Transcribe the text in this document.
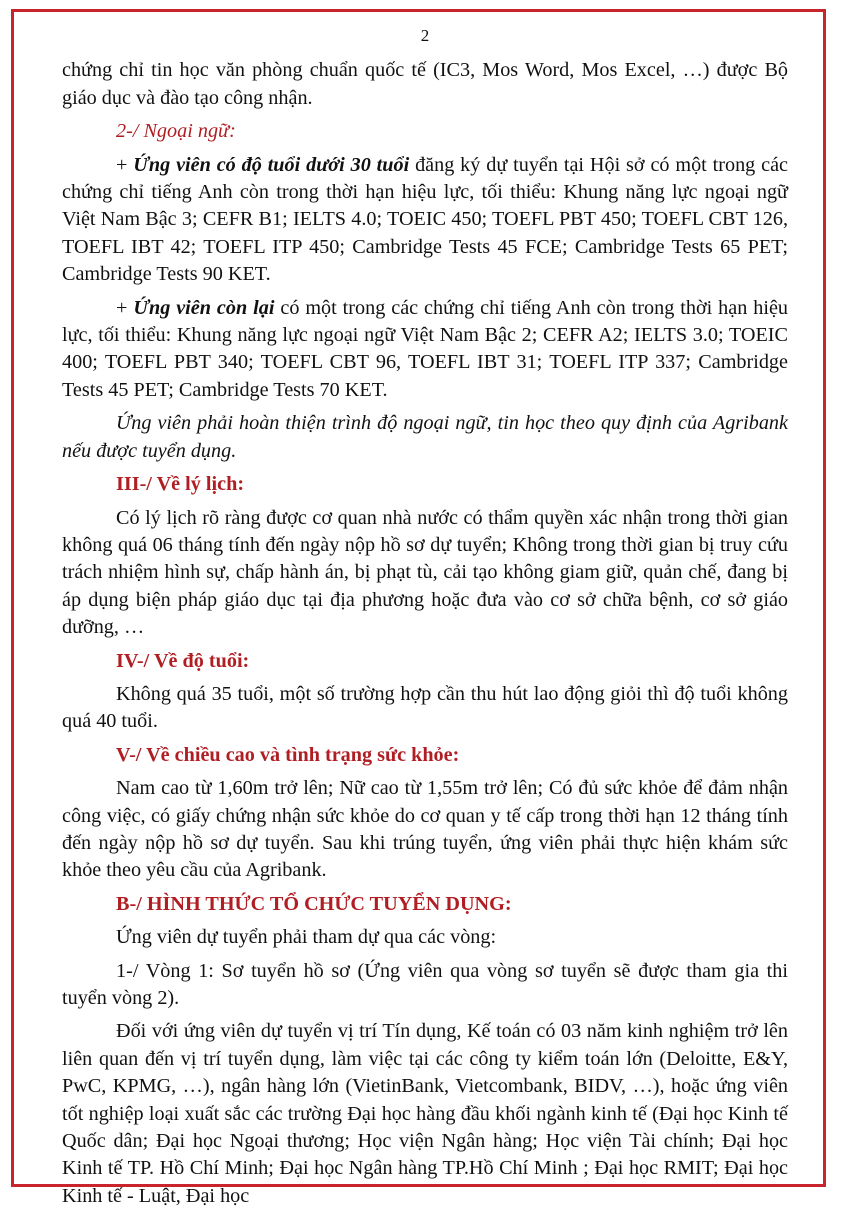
2

chứng chỉ tin học văn phòng chuẩn quốc tế (IC3, Mos Word, Mos Excel, …) được Bộ giáo dục và đào tạo công nhận.

2-/ Ngoại ngữ:

+ Ứng viên có độ tuổi dưới 30 tuổi đăng ký dự tuyển tại Hội sở có một trong các chứng chỉ tiếng Anh còn trong thời hạn hiệu lực, tối thiểu: Khung năng lực ngoại ngữ Việt Nam Bậc 3; CEFR B1; IELTS 4.0; TOEIC 450; TOEFL PBT 450; TOEFL CBT 126, TOEFL IBT 42; TOEFL ITP 450; Cambridge Tests 45 FCE; Cambridge Tests 65 PET; Cambridge Tests 90 KET.

+ Ứng viên còn lại có một trong các chứng chỉ tiếng Anh còn trong thời hạn hiệu lực, tối thiểu: Khung năng lực ngoại ngữ Việt Nam Bậc 2; CEFR A2; IELTS 3.0; TOEIC 400; TOEFL PBT 340; TOEFL CBT 96, TOEFL IBT 31; TOEFL ITP 337; Cambridge Tests 45 PET; Cambridge Tests 70 KET.

Ứng viên phải hoàn thiện trình độ ngoại ngữ, tin học theo quy định của Agribank nếu được tuyển dụng.

III-/ Về lý lịch:

Có lý lịch rõ ràng được cơ quan nhà nước có thẩm quyền xác nhận trong thời gian không quá 06 tháng tính đến ngày nộp hồ sơ dự tuyển; Không trong thời gian bị truy cứu trách nhiệm hình sự, chấp hành án, bị phạt tù, cải tạo không giam giữ, quản chế, đang bị áp dụng biện pháp giáo dục tại địa phương hoặc đưa vào cơ sở chữa bệnh, cơ sở giáo dưỡng, …

IV-/ Về độ tuổi:

Không quá 35 tuổi, một số trường hợp cần thu hút lao động giỏi thì độ tuổi không quá 40 tuổi.

V-/ Về chiều cao và tình trạng sức khỏe:

Nam cao từ 1,60m trở lên; Nữ cao từ 1,55m trở lên; Có đủ sức khỏe để đảm nhận công việc, có giấy chứng nhận sức khỏe do cơ quan y tế cấp trong thời hạn 12 tháng tính đến ngày nộp hồ sơ dự tuyển. Sau khi trúng tuyển, ứng viên phải thực hiện khám sức khỏe theo yêu cầu của Agribank.

B-/ HÌNH THỨC TỔ CHỨC TUYỂN DỤNG:

Ứng viên dự tuyển phải tham dự qua các vòng:

1-/ Vòng 1: Sơ tuyển hồ sơ (Ứng viên qua vòng sơ tuyển sẽ được tham gia thi tuyển vòng 2).

Đối với ứng viên dự tuyển vị trí Tín dụng, Kế toán có 03 năm kinh nghiệm trở lên liên quan đến vị trí tuyển dụng, làm việc tại các công ty kiểm toán lớn (Deloitte, E&Y, PwC, KPMG, …), ngân hàng lớn (VietinBank, Vietcombank, BIDV, …), hoặc ứng viên tốt nghiệp loại xuất sắc các trường Đại học hàng đầu khối ngành kinh tế (Đại học Kinh tế Quốc dân; Đại học Ngoại thương; Học viện Ngân hàng; Học viện Tài chính; Đại học Kinh tế TP. Hồ Chí Minh; Đại học Ngân hàng TP.Hồ Chí Minh ; Đại học RMIT; Đại học Kinh tế - Luật, Đại học
